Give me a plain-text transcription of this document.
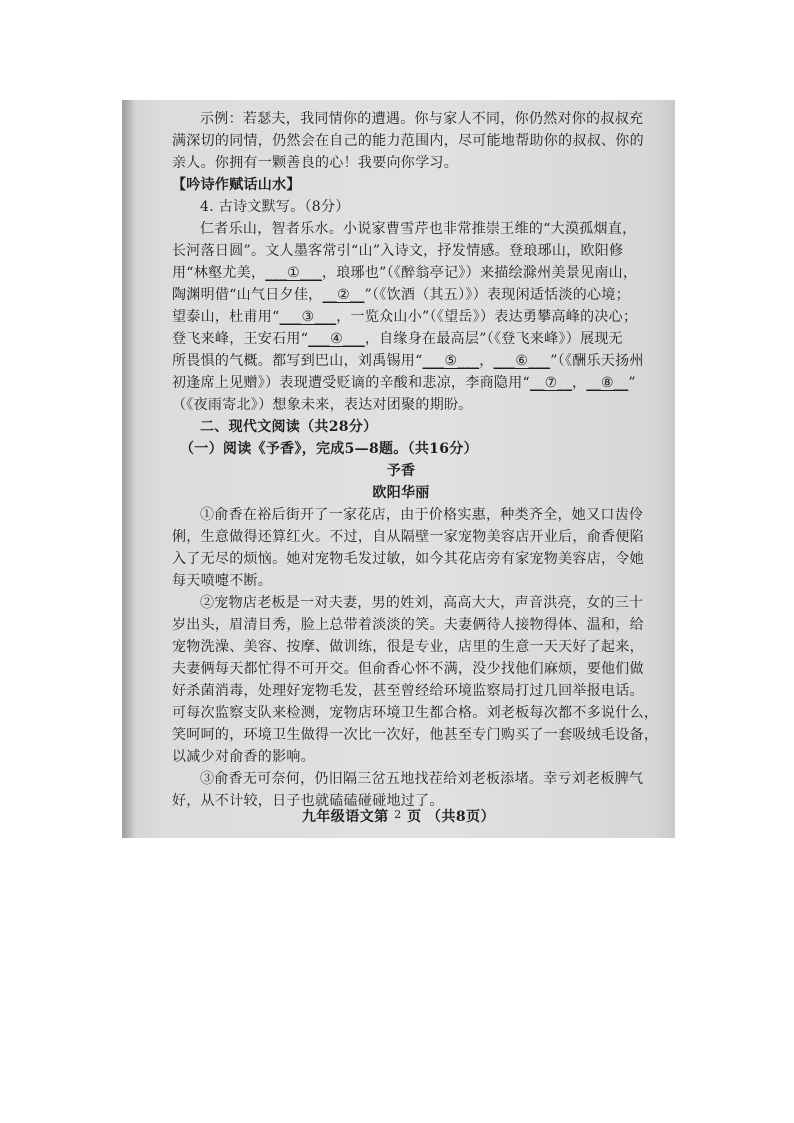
示例：若瑟夫，我同情你的遭遇。你与家人不同，你仍然对你的叔叔充
满深切的同情，仍然会在自己的能力范围内，尽可能地帮助你的叔叔、你的
亲人。你拥有一颗善良的心！我要向你学习。
【吟诗作赋话山水】
4. 古诗文默写。（8分）
仁者乐山，智者乐水。小说家曹雪芹也非常推崇王维的“大漠孤烟直，
长河落日圆”。文人墨客常引“山”入诗文，抒发情感。登琅琊山，欧阳修
用“林壑尤美，___①___，琅琊也”（《醉翁亭记》）来描绘滁州美景见南山，
陶渊明借“山气日夕佳，__②__”（《饮酒（其五）》）表现闲适恬淡的心境；
望泰山，杜甫用“___③___，一览众山小”（《望岳》）表达勇攀高峰的决心；
登飞来峰，王安石用“___④___，自缘身在最高层”（《登飞来峰》）展现无
所畏惧的气概。都写到巴山，刘禹锡用“___⑤___，___⑥___”（《酬乐天扬州
初逢席上见赠》）表现遭受贬谪的辛酸和悲凉，李商隐用“__⑦__，__⑧__”
（《夜雨寄北》）想象未来，表达对团聚的期盼。
二、现代文阅读（共28分）
（一）阅读《予香》，完成5—8题。（共16分）
予香
欧阳华丽
①俞香在裕后街开了一家花店，由于价格实惠，种类齐全，她又口齿伶
俐，生意做得还算红火。不过，自从隔壁一家宠物美容店开业后，俞香便陷
入了无尽的烦恼。她对宠物毛发过敏，如今其花店旁有家宠物美容店，令她
每天喷嚏不断。
②宠物店老板是一对夫妻，男的姓刘，高高大大，声音洪亮，女的三十
岁出头，眉清目秀，脸上总带着淡淡的笑。夫妻俩待人接物得体、温和，给
宠物洗澡、美容、按摩、做训练，很是专业，店里的生意一天天好了起来，
夫妻俩每天都忙得不可开交。但俞香心怀不满，没少找他们麻烦，要他们做
好杀菌消毒，处理好宠物毛发，甚至曾经给环境监察局打过几回举报电话。
可每次监察支队来检测，宠物店环境卫生都合格。刘老板每次都不多说什么，
笑呵呵的，环境卫生做得一次比一次好，他甚至专门购买了一套吸绒毛设备，
以减少对俞香的影响。
③俞香无可奈何，仍旧隔三岔五地找茬给刘老板添堵。幸亏刘老板脾气
好，从不计较，日子也就磕磕碰碰地过了。
九年级语文第 $^2$ 页 （共8页）
